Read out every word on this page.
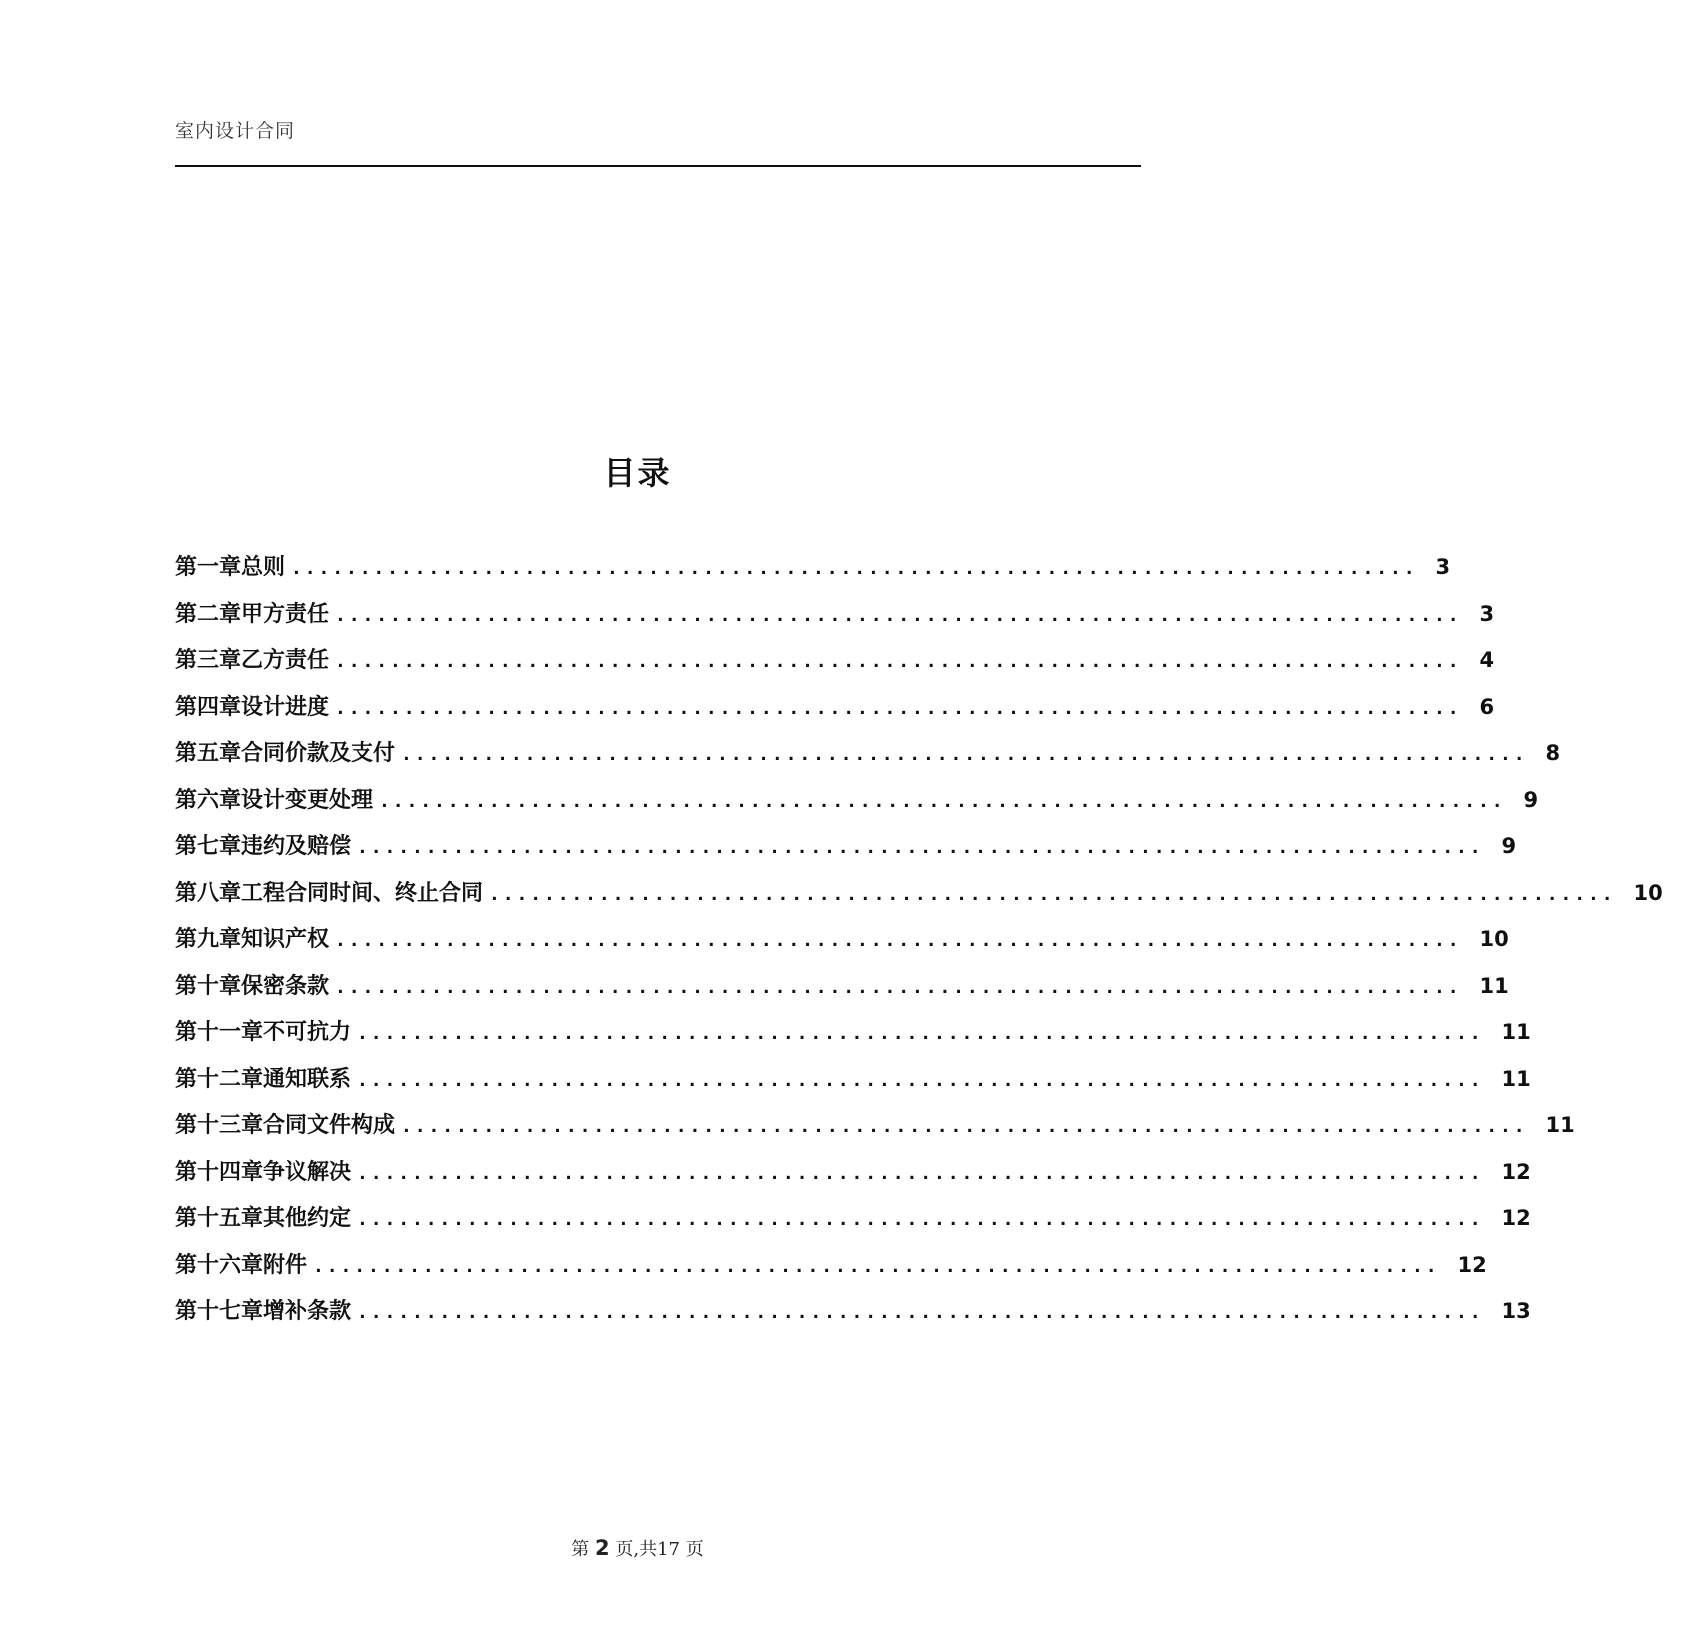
室内设计合同
目录
第一章总则 .................................................................................. 3
第二章甲方责任 .................................................................................. 3
第三章乙方责任 .................................................................................. 4
第四章设计进度 .................................................................................. 6
第五章合同价款及支付 .................................................................................. 8
第六章设计变更处理 .................................................................................. 9
第七章违约及赔偿 .................................................................................. 9
第八章工程合同时间、终止合同 .................................................................................. 10
第九章知识产权 .................................................................................. 10
第十章保密条款 .................................................................................. 11
第十一章不可抗力 .................................................................................. 11
第十二章通知联系 .................................................................................. 11
第十三章合同文件构成 .................................................................................. 11
第十四章争议解决 .................................................................................. 12
第十五章其他约定 .................................................................................. 12
第十六章附件 .................................................................................. 12
第十七章增补条款 .................................................................................. 13
第 2 页,共17 页
